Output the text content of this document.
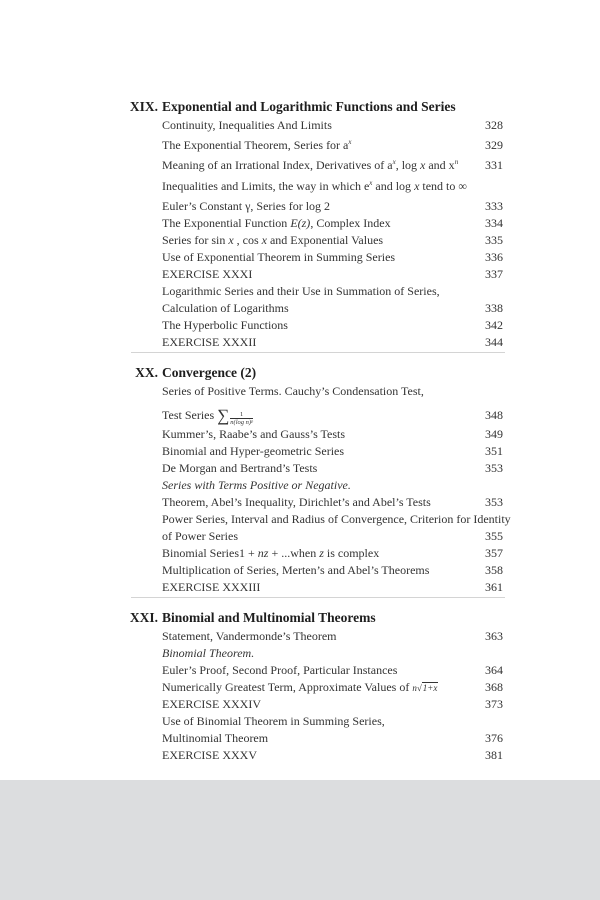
XIX. Exponential and Logarithmic Functions and Series
Continuity, Inequalities And Limits	328
The Exponential Theorem, Series for $a^x$	329
Meaning of an Irrational Index, Derivatives of $a^x$, log x and $x^n$ 331
Inequalities and Limits, the way in which $e^x$ and log x tend to ∞
Euler’s Constant γ, Series for log 2	333
The Exponential Function E(z), Complex Index	334
Series for sin x , cos x and Exponential Values	335
Use of Exponential Theorem in Summing Series	336
EXERCISE XXXI	337
Logarithmic Series and their Use in Summation of Series,
Calculation of Logarithms	338
The Hyperbolic Functions	342
EXERCISE XXXII	344
XX. Convergence (2)
Series of Positive Terms. Cauchy’s Condensation Test,
Test Series ∑ $\frac{1}{\text{n(log n)ᵖ}}$	348
Kummer’s, Raabe’s and Gauss’s Tests	349
Binomial and Hyper-geometric Series	351
De Morgan and Bertrand’s Tests	353
Series with Terms Positive or Negative.
Theorem, Abel’s Inequality, Dirichlet’s and Abel’s Tests	353
Power Series, Interval and Radius of Convergence, Criterion for Identity
of Power Series	355
Binomial Series1 + nz + ...when z is complex	357
Multiplication of Series, Merten’s and Abel’s Theorems	358
EXERCISE XXXIII	361
XXI. Binomial and Multinomial Theorems
Statement, Vandermonde’s Theorem	363
Binomial Theorem.
Euler’s Proof, Second Proof, Particular Instances	364
Numerically Greatest Term, Approximate Values of n√1+x	368
EXERCISE XXXIV	373
Use of Binomial Theorem in Summing Series,
Multinomial Theorem	376
EXERCISE XXXV	381
